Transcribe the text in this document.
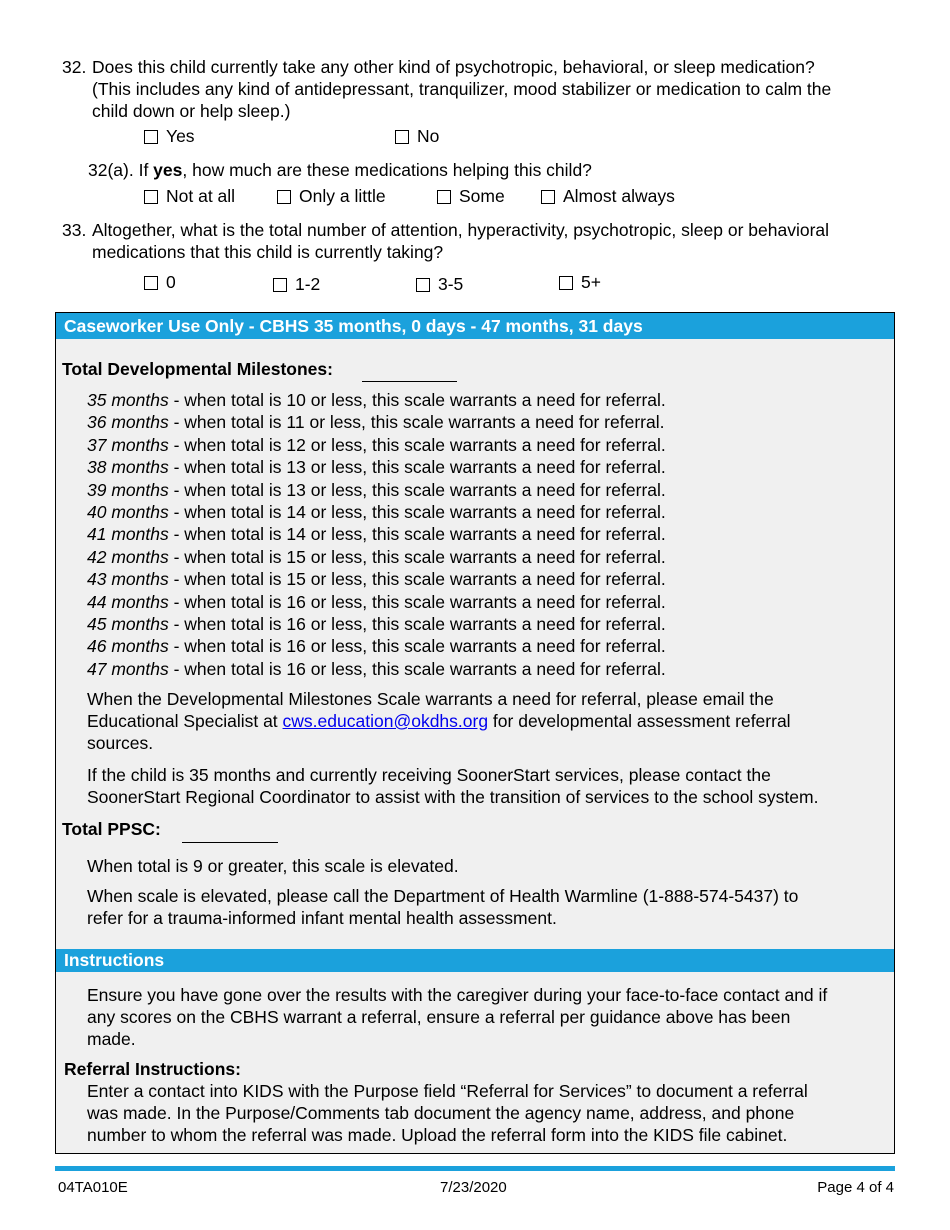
32. Does this child currently take any other kind of psychotropic, behavioral, or sleep medication?
(This includes any kind of antidepressant, tranquilizer, mood stabilizer or medication to calm the
child down or help sleep.)
Yes	No
32(a). If yes, how much are these medications helping this child?
Not at all	Only a little	Some	Almost always
33. Altogether, what is the total number of attention, hyperactivity, psychotropic, sleep or behavioral
medications that this child is currently taking?
0	1-2	3-5	5+
Caseworker Use Only - CBHS 35 months, 0 days - 47 months, 31 days
Total Developmental Milestones:
35 months - when total is 10 or less, this scale warrants a need for referral.
36 months - when total is 11 or less, this scale warrants a need for referral.
37 months - when total is 12 or less, this scale warrants a need for referral.
38 months - when total is 13 or less, this scale warrants a need for referral.
39 months - when total is 13 or less, this scale warrants a need for referral.
40 months - when total is 14 or less, this scale warrants a need for referral.
41 months - when total is 14 or less, this scale warrants a need for referral.
42 months - when total is 15 or less, this scale warrants a need for referral.
43 months - when total is 15 or less, this scale warrants a need for referral.
44 months - when total is 16 or less, this scale warrants a need for referral.
45 months - when total is 16 or less, this scale warrants a need for referral.
46 months - when total is 16 or less, this scale warrants a need for referral.
47 months - when total is 16 or less, this scale warrants a need for referral.
When the Developmental Milestones Scale warrants a need for referral, please email the
Educational Specialist at cws.education@okdhs.org for developmental assessment referral
sources.
If the child is 35 months and currently receiving SoonerStart services, please contact the
SoonerStart Regional Coordinator to assist with the transition of services to the school system.
Total PPSC:
When total is 9 or greater, this scale is elevated.
When scale is elevated, please call the Department of Health Warmline (1-888-574-5437) to
refer for a trauma-informed infant mental health assessment.
Instructions
Ensure you have gone over the results with the caregiver during your face-to-face contact and if
any scores on the CBHS warrant a referral, ensure a referral per guidance above has been
made.
Referral Instructions:
Enter a contact into KIDS with the Purpose field “Referral for Services” to document a referral
was made. In the Purpose/Comments tab document the agency name, address, and phone
number to whom the referral was made. Upload the referral form into the KIDS file cabinet.
04TA010E	7/23/2020	Page 4 of 4
